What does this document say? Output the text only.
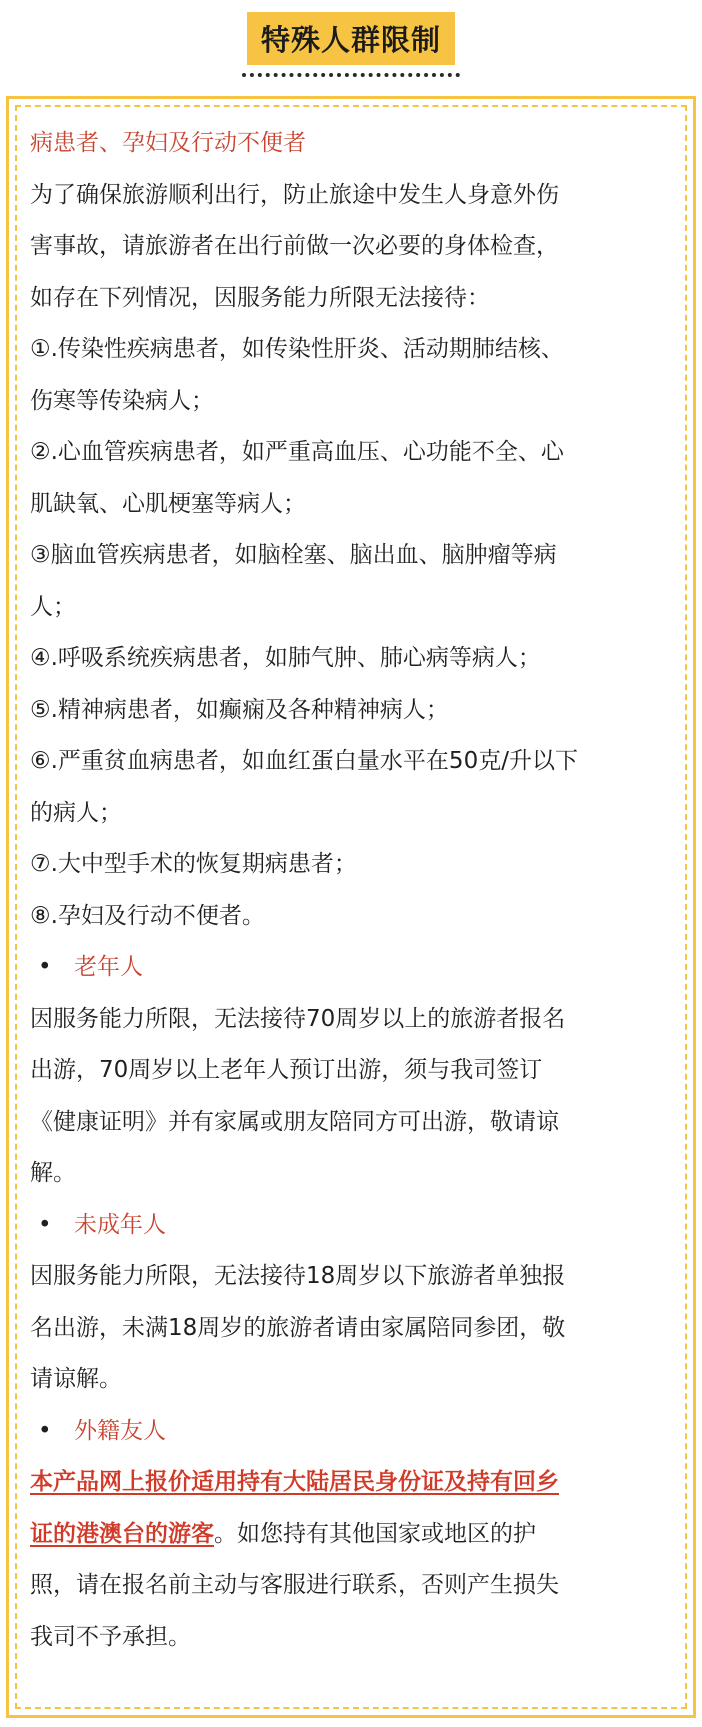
特殊人群限制
病患者、孕妇及行动不便者
为了确保旅游顺利出行，防止旅途中发生人身意外伤
害事故，请旅游者在出行前做一次必要的身体检查，
如存在下列情况，因服务能力所限无法接待：
①.传染性疾病患者，如传染性肝炎、活动期肺结核、
伤寒等传染病人；
②.心血管疾病患者，如严重高血压、心功能不全、心
肌缺氧、心肌梗塞等病人；
③脑血管疾病患者，如脑栓塞、脑出血、脑肿瘤等病
人；
④.呼吸系统疾病患者，如肺气肿、肺心病等病人；
⑤.精神病患者，如癫痫及各种精神病人；
⑥.严重贫血病患者，如血红蛋白量水平在50克/升以下
的病人；
⑦.大中型手术的恢复期病患者；
⑧.孕妇及行动不便者。
• 老年人
因服务能力所限，无法接待70周岁以上的旅游者报名
出游，70周岁以上老年人预订出游，须与我司签订
《健康证明》并有家属或朋友陪同方可出游，敬请谅
解。
• 未成年人
因服务能力所限，无法接待18周岁以下旅游者单独报
名出游，未满18周岁的旅游者请由家属陪同参团，敬
请谅解。
• 外籍友人
本产品网上报价适用持有大陆居民身份证及持有回乡
证的港澳台的游客。如您持有其他国家或地区的护
照，请在报名前主动与客服进行联系，否则产生损失
我司不予承担。
